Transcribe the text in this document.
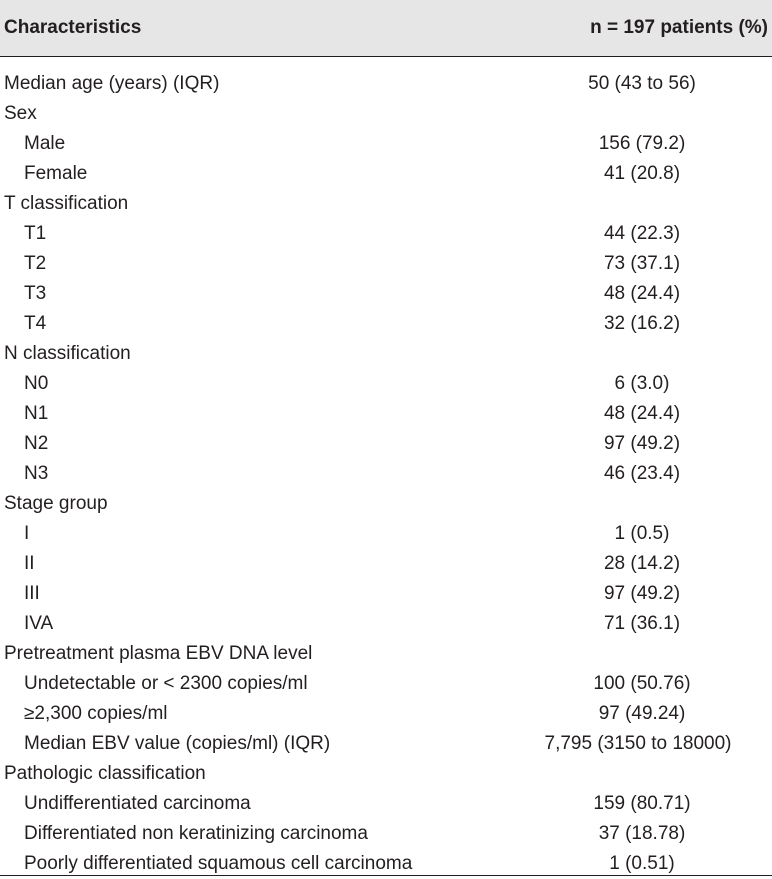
Characteristics	n = 197 patients (%)
Median age (years) (IQR)	50 (43 to 56)
Sex
Male	156 (79.2)
Female	41 (20.8)
T classification
T1	44 (22.3)
T2	73 (37.1)
T3	48 (24.4)
T4	32 (16.2)
N classification
N0	6 (3.0)
N1	48 (24.4)
N2	97 (49.2)
N3	46 (23.4)
Stage group
I	1 (0.5)
II	28 (14.2)
III	97 (49.2)
IVA	71 (36.1)
Pretreatment plasma EBV DNA level
Undetectable or < 2300 copies/ml	100 (50.76)
≥2,300 copies/ml	97 (49.24)
Median EBV value (copies/ml) (IQR)	7,795 (3150 to 18000)
Pathologic classification
Undifferentiated carcinoma	159 (80.71)
Differentiated non keratinizing carcinoma	37 (18.78)
Poorly differentiated squamous cell carcinoma	1 (0.51)
